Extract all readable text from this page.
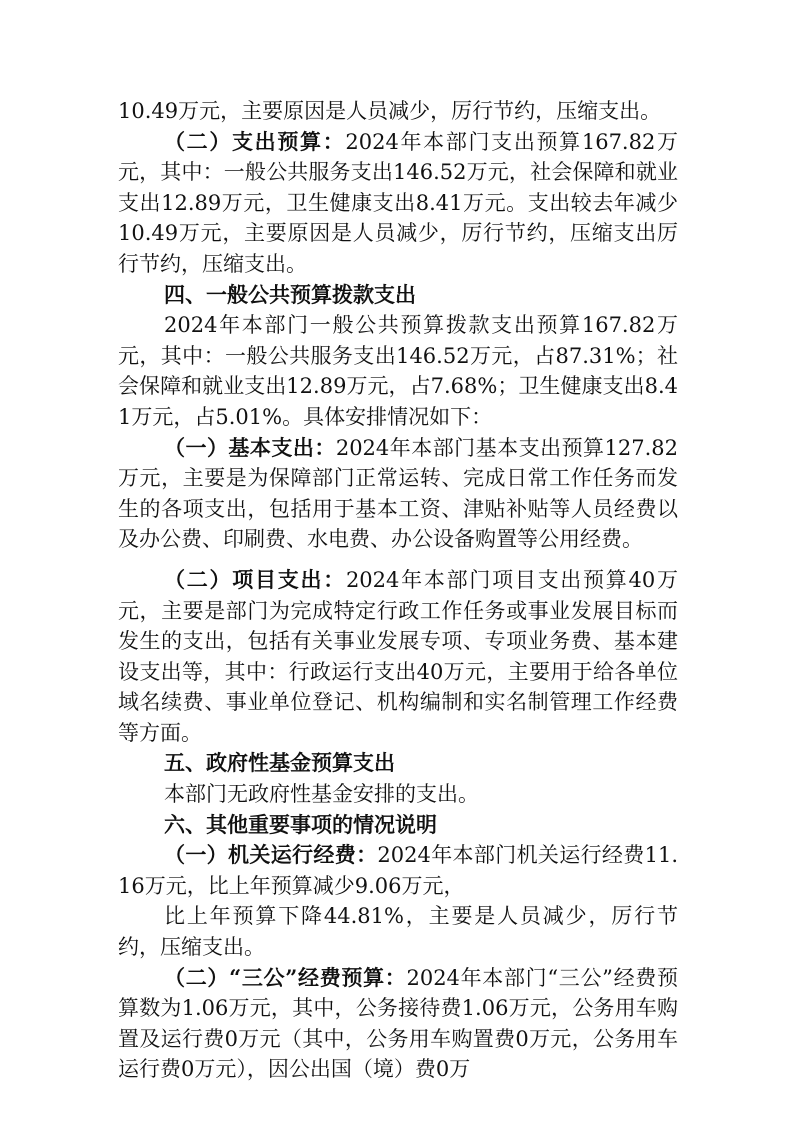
10.49万元，主要原因是人员减少，厉行节约，压缩支出。

（二）支出预算：2024年本部门支出预算167.82万元，其中：一般公共服务支出146.52万元，社会保障和就业支出12.89万元，卫生健康支出8.41万元。支出较去年减少10.49万元，主要原因是人员减少，厉行节约，压缩支出厉行节约，压缩支出。

四、一般公共预算拨款支出

2024年本部门一般公共预算拨款支出预算167.82万元，其中：一般公共服务支出146.52万元，占87.31%；社会保障和就业支出12.89万元，占7.68%；卫生健康支出8.41万元，占5.01%。具体安排情况如下：

（一）基本支出：2024年本部门基本支出预算127.82万元，主要是为保障部门正常运转、完成日常工作任务而发生的各项支出，包括用于基本工资、津贴补贴等人员经费以及办公费、印刷费、水电费、办公设备购置等公用经费。

（二）项目支出：2024年本部门项目支出预算40万元，主要是部门为完成特定行政工作任务或事业发展目标而发生的支出，包括有关事业发展专项、专项业务费、基本建设支出等，其中：行政运行支出40万元，主要用于给各单位域名续费、事业单位登记、机构编制和实名制管理工作经费等方面。

五、政府性基金预算支出

本部门无政府性基金安排的支出。

六、其他重要事项的情况说明

（一）机关运行经费：2024年本部门机关运行经费11.16万元，比上年预算减少9.06万元，

比上年预算下降44.81%，主要是人员减少，厉行节约，压缩支出。

（二）“三公”经费预算：2024年本部门“三公”经费预算数为1.06万元，其中，公务接待费1.06万元，公务用车购置及运行费0万元（其中，公务用车购置费0万元，公务用车运行费0万元），因公出国（境）费0万
